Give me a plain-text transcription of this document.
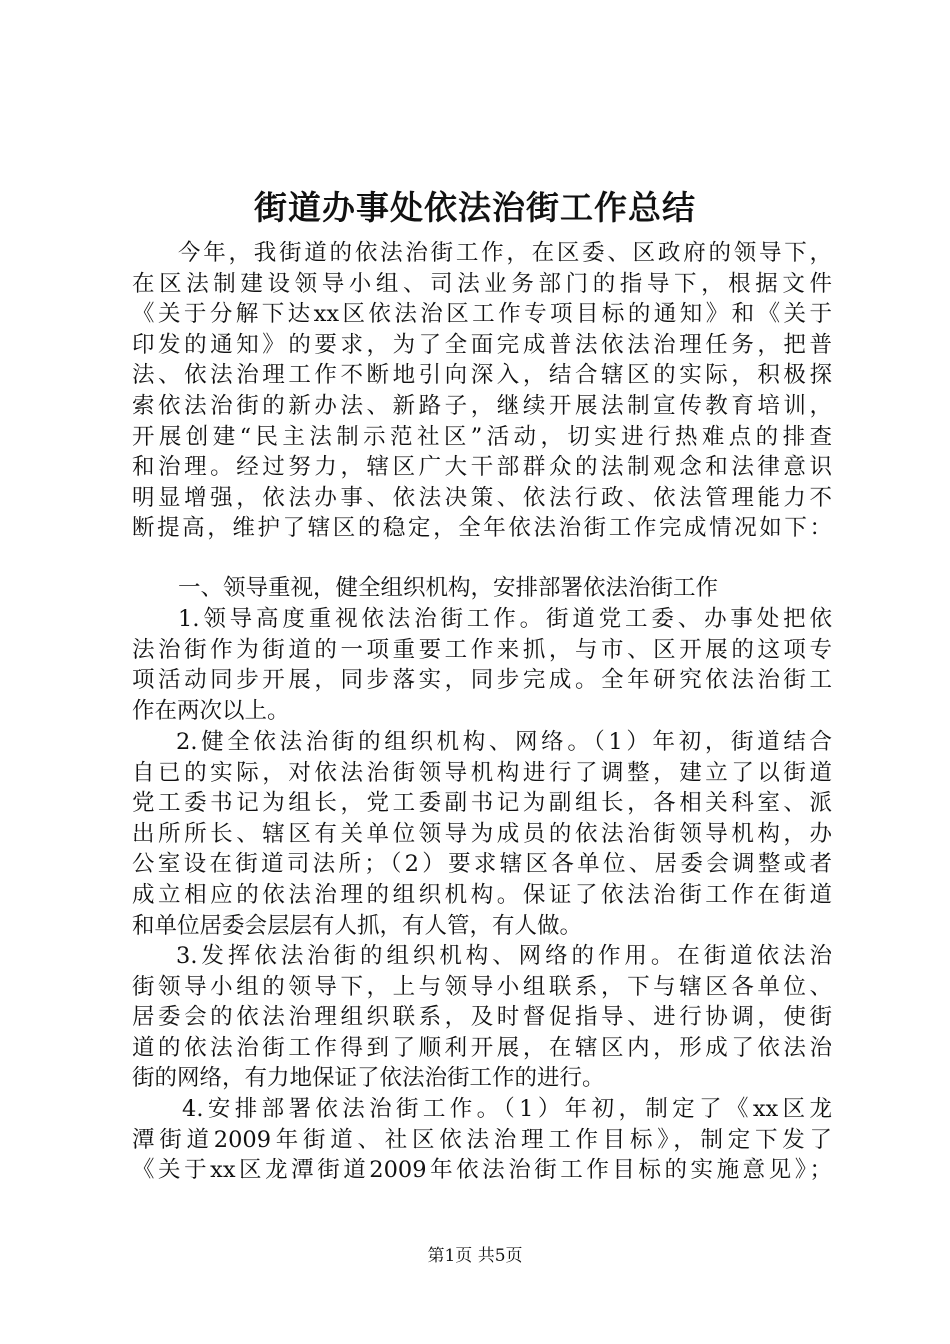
街道办事处依法治街工作总结
今年，我街道的依法治街工作，在区委、区政府的领导下，
在区法制建设领导小组、司法业务部门的指导下，根据文件
《关于分解下达xx区依法治区工作专项目标的通知》和《关于
印发的通知》的要求，为了全面完成普法依法治理任务，把普
法、依法治理工作不断地引向深入，结合辖区的实际，积极探
索依法治街的新办法、新路子，继续开展法制宣传教育培训，
开展创建“民主法制示范社区”活动，切实进行热难点的排查
和治理。经过努力，辖区广大干部群众的法制观念和法律意识
明显增强，依法办事、依法决策、依法行政、依法管理能力不
断提高，维护了辖区的稳定，全年依法治街工作完成情况如下：
一、领导重视，健全组织机构，安排部署依法治街工作
1.领导高度重视依法治街工作。街道党工委、办事处把依
法治街作为街道的一项重要工作来抓，与市、区开展的这项专
项活动同步开展，同步落实，同步完成。全年研究依法治街工
作在两次以上。
2.健全依法治街的组织机构、网络。（1）年初，街道结合
自已的实际，对依法治街领导机构进行了调整，建立了以街道
党工委书记为组长，党工委副书记为副组长，各相关科室、派
出所所长、辖区有关单位领导为成员的依法治街领导机构，办
公室设在街道司法所；（2）要求辖区各单位、居委会调整或者
成立相应的依法治理的组织机构。保证了依法治街工作在街道
和单位居委会层层有人抓，有人管，有人做。
3.发挥依法治街的组织机构、网络的作用。在街道依法治
街领导小组的领导下，上与领导小组联系，下与辖区各单位、
居委会的依法治理组织联系，及时督促指导、进行协调，使街
道的依法治街工作得到了顺利开展，在辖区内，形成了依法治
街的网络，有力地保证了依法治街工作的进行。
4.安排部署依法治街工作。（1）年初，制定了《xx区龙
潭街道2009年街道、社区依法治理工作目标》，制定下发了
《关于xx区龙潭街道2009年依法治街工作目标的实施意见》；
第1页 共5页
